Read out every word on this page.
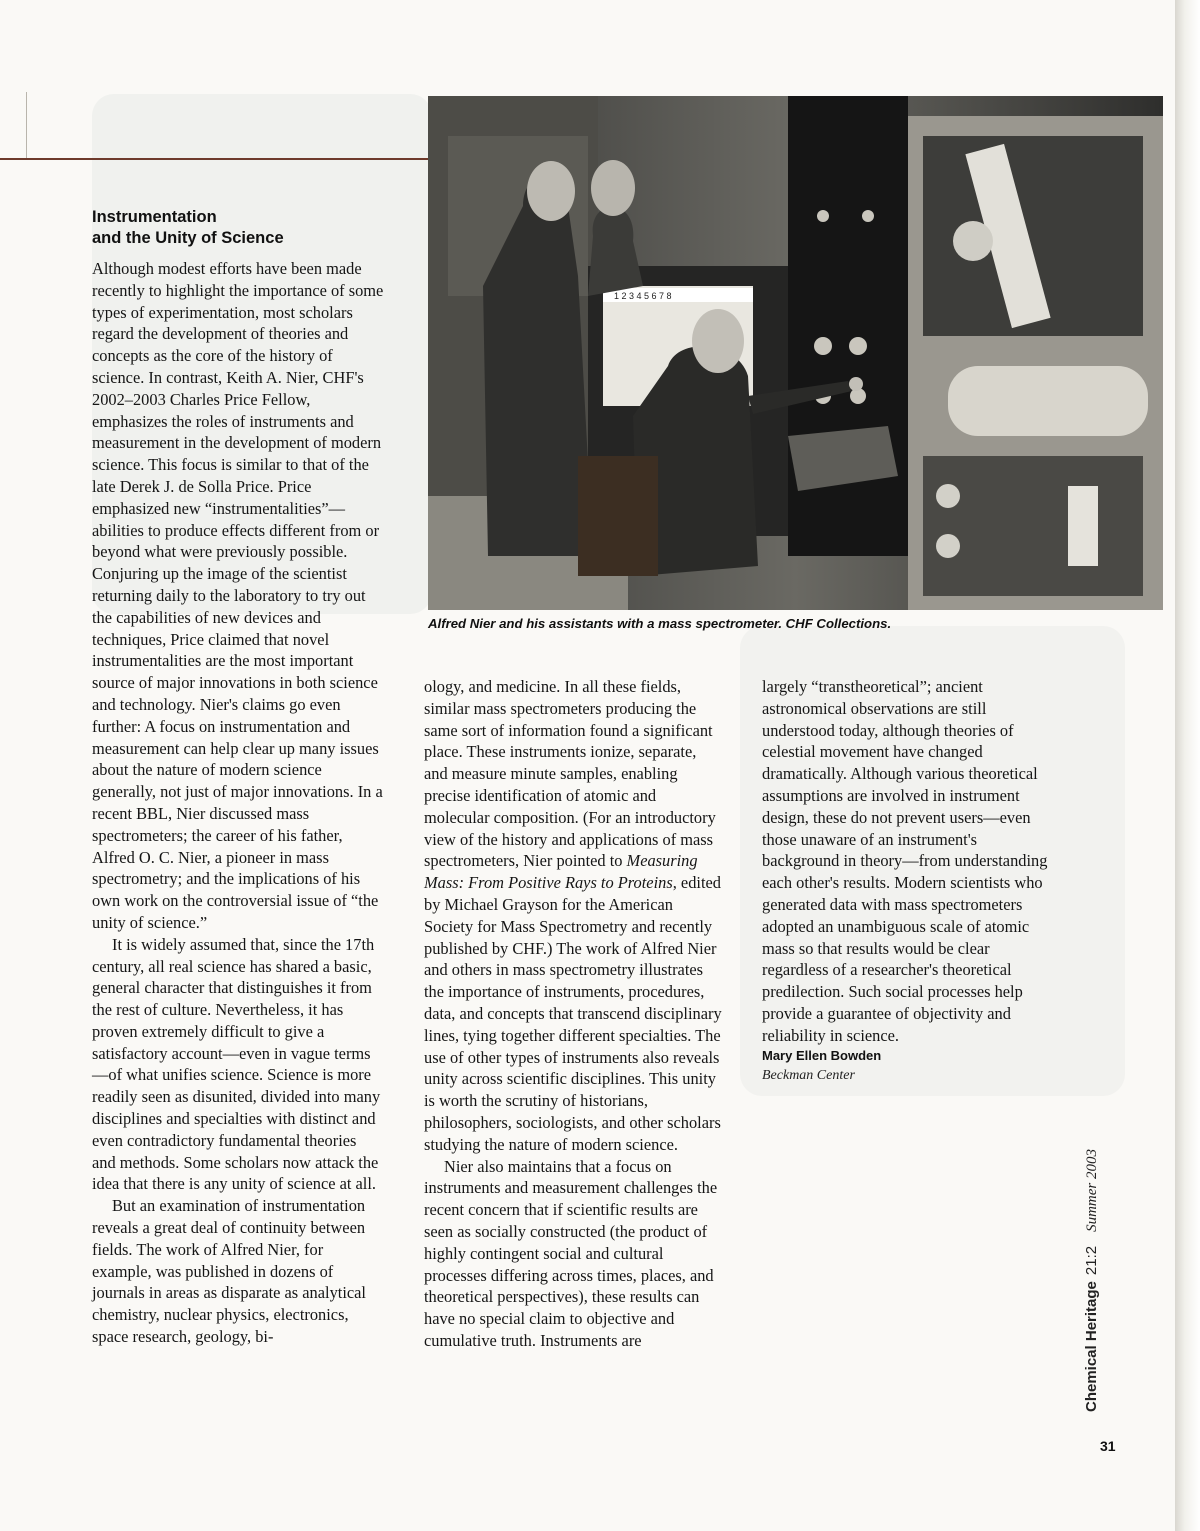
Instrumentation
and the Unity of Science

Although modest efforts have been made recently to highlight the importance of some types of experimentation, most scholars regard the development of theories and concepts as the core of the history of science. In contrast, Keith A. Nier, CHF's 2002–2003 Charles Price Fellow, emphasizes the roles of instruments and measurement in the development of modern science. This focus is similar to that of the late Derek J. de Solla Price. Price emphasized new “instrumentalities”—abilities to produce effects different from or beyond what were previously possible. Conjuring up the image of the scientist returning daily to the laboratory to try out the capabilities of new devices and techniques, Price claimed that novel instrumentalities are the most important source of major innovations in both science and technology. Nier's claims go even further: A focus on instrumentation and measurement can help clear up many issues about the nature of modern science generally, not just of major innovations. In a recent BBL, Nier discussed mass spectrometers; the career of his father, Alfred O. C. Nier, a pioneer in mass spectrometry; and the implications of his own work on the controversial issue of “the unity of science.”

It is widely assumed that, since the 17th century, all real science has shared a basic, general character that distinguishes it from the rest of culture. Nevertheless, it has proven extremely difficult to give a satisfactory account—even in vague terms—of what unifies science. Science is more readily seen as disunited, divided into many disciplines and specialties with distinct and even contradictory fundamental theories and methods. Some scholars now attack the idea that there is any unity of science at all.

But an examination of instrumentation reveals a great deal of continuity between fields. The work of Alfred Nier, for example, was published in dozens of journals in areas as disparate as analytical chemistry, nuclear physics, electronics, space research, geology, bi-

1 2 3 4 5 6 7 8
Alfred Nier and his assistants with a mass spectrometer. CHF Collections.

ology, and medicine. In all these fields, similar mass spectrometers producing the same sort of information found a significant place. These instruments ionize, separate, and measure minute samples, enabling precise identification of atomic and molecular composition. (For an introductory view of the history and applications of mass spectrometers, Nier pointed to Measuring Mass: From Positive Rays to Proteins, edited by Michael Grayson for the American Society for Mass Spectrometry and recently published by CHF.) The work of Alfred Nier and others in mass spectrometry illustrates the importance of instruments, procedures, data, and concepts that transcend disciplinary lines, tying together different specialties. The use of other types of instruments also reveals unity across scientific disciplines. This unity is worth the scrutiny of historians, philosophers, sociologists, and other scholars studying the nature of modern science.

Nier also maintains that a focus on instruments and measurement challenges the recent concern that if scientific results are seen as socially constructed (the product of highly contingent social and cultural processes differing across times, places, and theoretical perspectives), these results can have no special claim to objective and cumulative truth. Instruments are

largely “transtheoretical”; ancient astronomical observations are still understood today, although theories of celestial movement have changed dramatically. Although various theoretical assumptions are involved in instrument design, these do not prevent users—even those unaware of an instrument's background in theory—from understanding each other's results. Modern scientists who generated data with mass spectrometers adopted an unambiguous scale of atomic mass so that results would be clear regardless of a researcher's theoretical predilection. Such social processes help provide a guarantee of objectivity and reliability in science.

Mary Ellen Bowden
Beckman Center
Chemical Heritage21:2Summer 2003
31
